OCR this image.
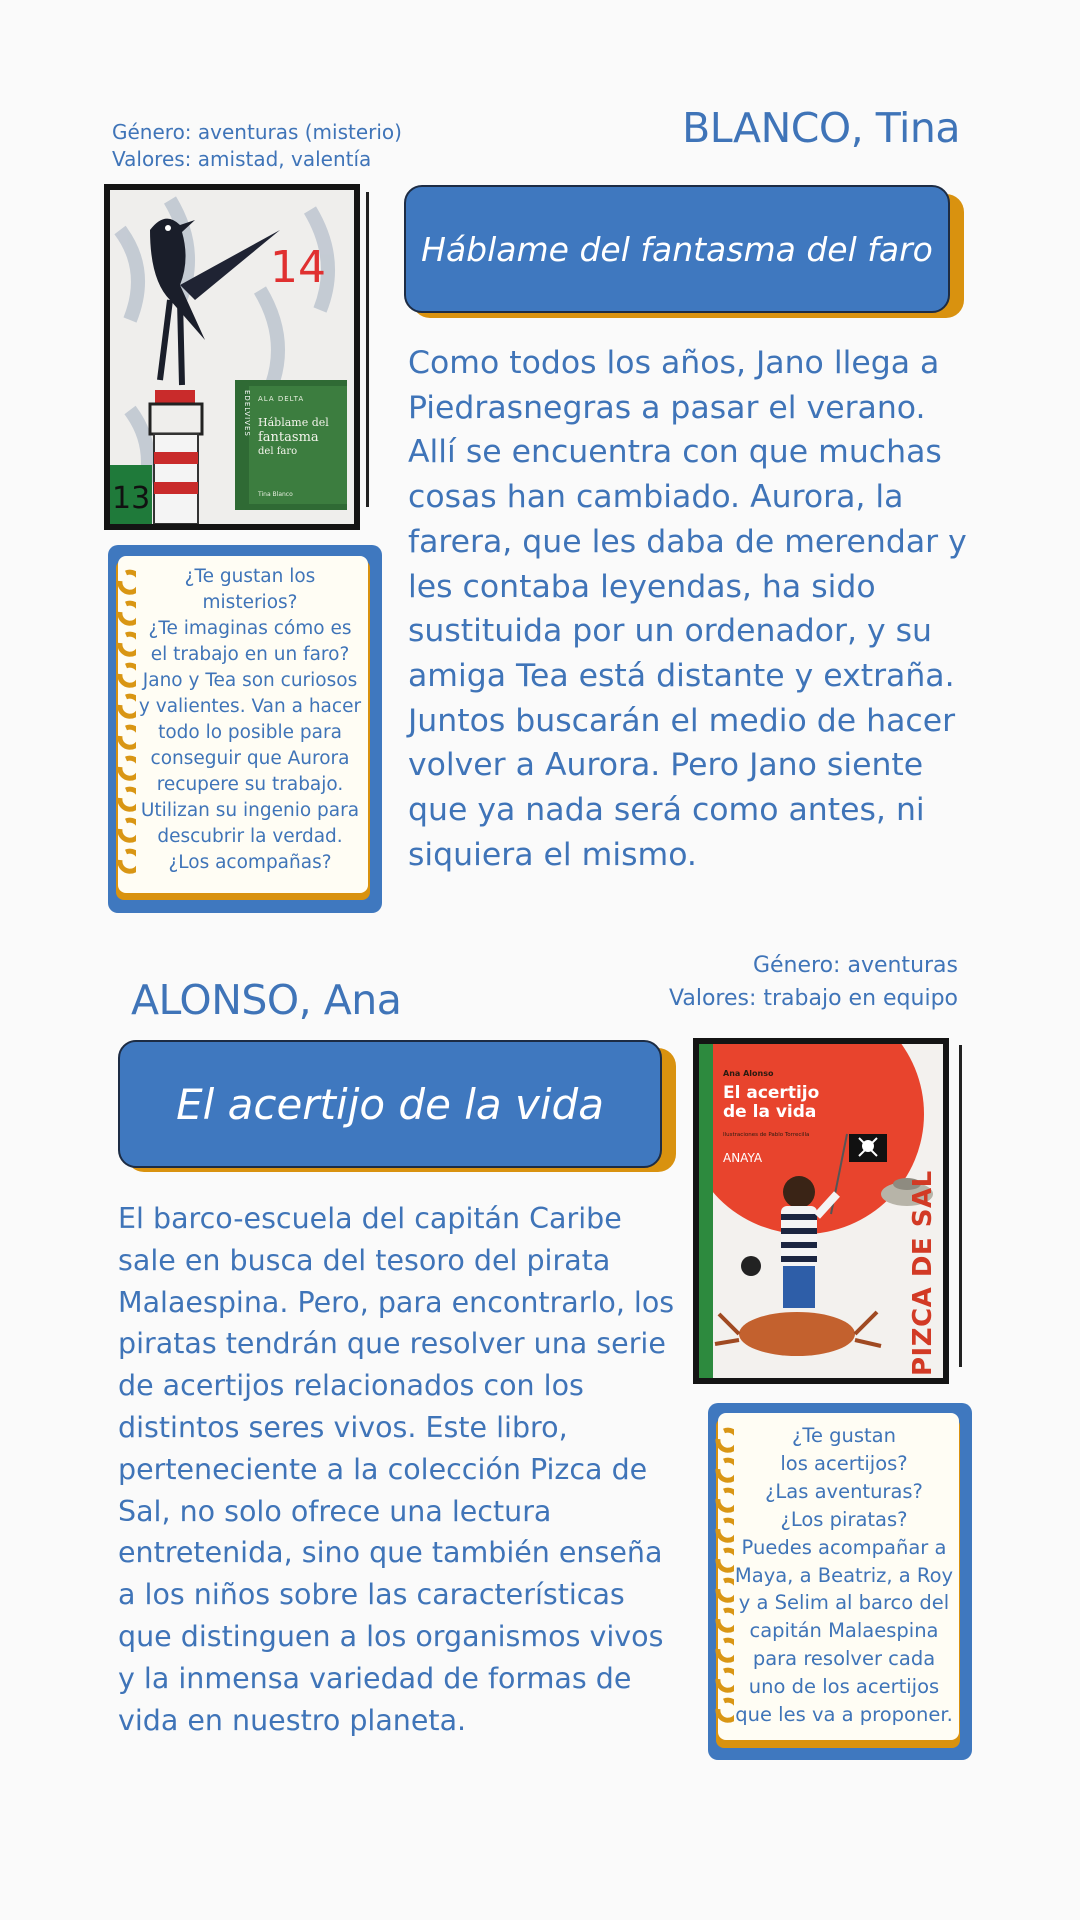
Género: aventuras (misterio)
Valores: amistad, valentía
BLANCO, Tina
13
14
ALA DELTA
Háblame del
fantasma
del faro
Tina Blanco
EDELVIVES
Háblame del fantasma del faro
Como todos los años, Jano llega a Piedrasnegras a pasar el verano. Allí se encuentra con que muchas cosas han cambiado. Aurora, la farera, que les daba de merendar y les contaba leyendas, ha sido sustituida por un ordenador, y su amiga Tea está distante y extraña. Juntos buscarán el medio de hacer volver a Aurora. Pero Jano siente que ya nada será como antes, ni siquiera el mismo.
¿Te gustan los
misterios?
¿Te imaginas cómo es
el trabajo en un faro?
Jano y Tea son curiosos
y valientes. Van a hacer
todo lo posible para
conseguir que Aurora
recupere su trabajo.
Utilizan su ingenio para
descubrir la verdad.
¿Los acompañas?
Género: aventuras
Valores: trabajo en equipo
ALONSO, Ana
El acertijo de la vida
El barco-escuela del capitán Caribe sale en busca del tesoro del pirata Malaespina. Pero, para encontrarlo, los piratas tendrán que resolver una serie de acertijos relacionados con los distintos seres vivos. Este libro, perteneciente a la colección Pizca de Sal, no solo ofrece una lectura entretenida, sino que también enseña a los niños sobre las características que distinguen a los organismos vivos y la inmensa variedad de formas de vida en nuestro planeta.
Ana Alonso
El acertijo
de la vida
Ilustraciones de Pablo Torrecilla
ANAYA
PIZCA DE SAL
¿Te gustan
los acertijos?
¿Las aventuras?
¿Los piratas?
Puedes acompañar a
Maya, a Beatriz, a Roy
y a Selim al barco del
capitán Malaespina
para resolver cada
uno de los acertijos
que les va a proponer.
